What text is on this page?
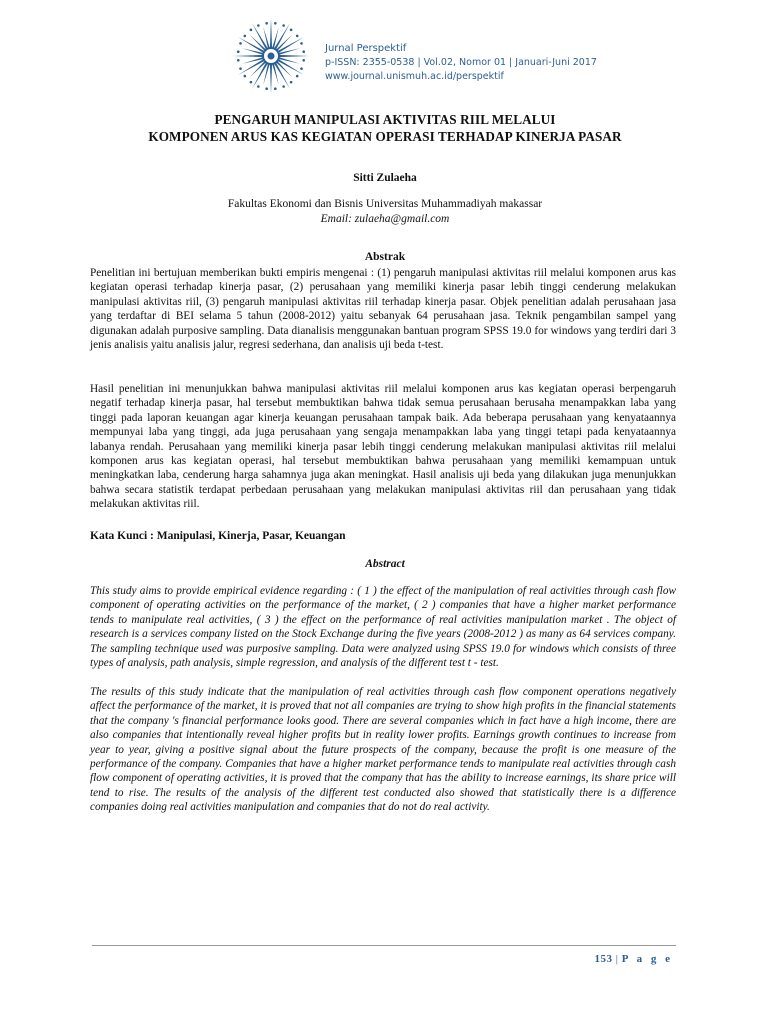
Jurnal Perspektif
p-ISSN: 2355-0538 | Vol.02, Nomor 01 | Januari-Juni 2017
www.journal.unismuh.ac.id/perspektif
PENGARUH MANIPULASI AKTIVITAS RIIL MELALUI
KOMPONEN ARUS KAS KEGIATAN OPERASI TERHADAP KINERJA PASAR
Sitti Zulaeha
Fakultas Ekonomi dan Bisnis Universitas Muhammadiyah makassar
Email: zulaeha@gmail.com
Abstrak

Penelitian ini bertujuan memberikan bukti empiris mengenai : (1) pengaruh manipulasi aktivitas riil melalui komponen arus kas kegiatan operasi terhadap kinerja pasar, (2) perusahaan yang memiliki kinerja pasar lebih tinggi cenderung melakukan manipulasi aktivitas riil, (3) pengaruh manipulasi aktivitas riil terhadap kinerja pasar. Objek penelitian adalah perusahaan jasa yang terdaftar di BEI selama 5 tahun (2008-2012) yaitu sebanyak 64 perusahaan jasa. Teknik pengambilan sampel yang digunakan adalah purposive sampling. Data dianalisis menggunakan bantuan program SPSS 19.0 for windows yang terdiri dari 3 jenis analisis yaitu analisis jalur, regresi sederhana, dan analisis uji beda t-test.

Hasil penelitian ini menunjukkan bahwa manipulasi aktivitas riil melalui komponen arus kas kegiatan operasi berpengaruh negatif terhadap kinerja pasar, hal tersebut membuktikan bahwa tidak semua perusahaan berusaha menampakkan laba yang tinggi pada laporan keuangan agar kinerja keuangan perusahaan tampak baik. Ada beberapa perusahaan yang kenyataannya mempunyai laba yang tinggi, ada juga perusahaan yang sengaja menampakkan laba yang tinggi tetapi pada kenyataannya labanya rendah. Perusahaan yang memiliki kinerja pasar lebih tinggi cenderung melakukan manipulasi aktivitas riil melalui komponen arus kas kegiatan operasi, hal tersebut membuktikan bahwa perusahaan yang memiliki kemampuan untuk meningkatkan laba, cenderung harga sahamnya juga akan meningkat. Hasil analisis uji beda yang dilakukan juga menunjukkan bahwa secara statistik terdapat perbedaan perusahaan yang melakukan manipulasi aktivitas riil dan perusahaan yang tidak melakukan aktivitas riil.

Kata Kunci : Manipulasi, Kinerja, Pasar, Keuangan
Abstract

This study aims to provide empirical evidence regarding : ( 1 ) the effect of the manipulation of real activities through cash flow component of operating activities on the performance of the market, ( 2 ) companies that have a higher market performance tends to manipulate real activities, ( 3 ) the effect on the performance of real activities manipulation market . The object of research is a services company listed on the Stock Exchange during the five years (2008-2012 ) as many as 64 services company. The sampling technique used was purposive sampling. Data were analyzed using SPSS 19.0 for windows which consists of three types of analysis, path analysis, simple regression, and analysis of the different test t - test.

The results of this study indicate that the manipulation of real activities through cash flow component operations negatively affect the performance of the market, it is proved that not all companies are trying to show high profits in the financial statements that the company 's financial performance looks good. There are several companies which in fact have a high income, there are also companies that intentionally reveal higher profits but in reality lower profits. Earnings growth continues to increase from year to year, giving a positive signal about the future prospects of the company, because the profit is one measure of the performance of the company. Companies that have a higher market performance tends to manipulate real activities through cash flow component of operating activities, it is proved that the company that has the ability to increase earnings, its share price will tend to rise. The results of the analysis of the different test conducted also showed that statistically there is a difference companies doing real activities manipulation and companies that do not do real activity.

153 | P a g e
